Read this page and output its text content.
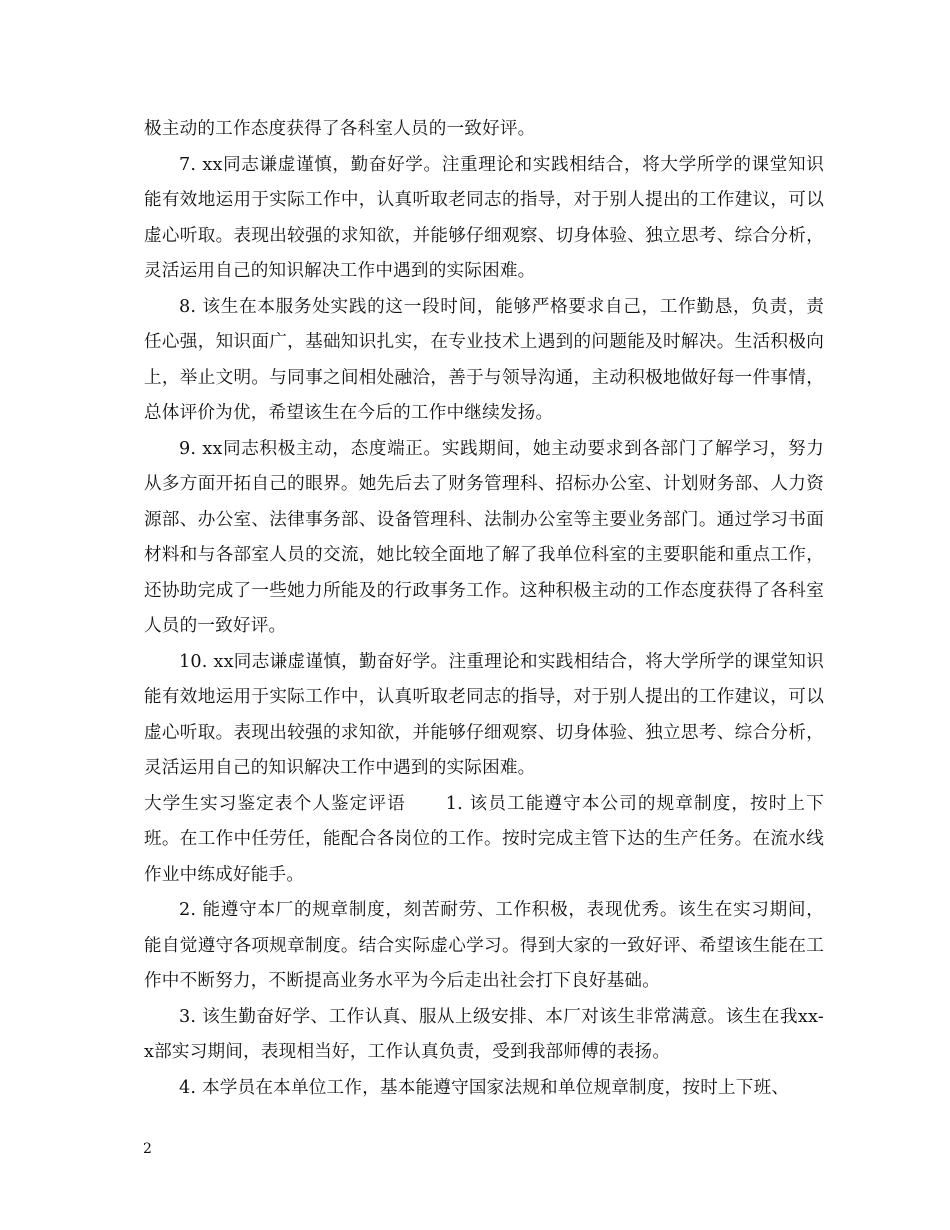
极主动的工作态度获得了各科室人员的一致好评。

7. xx同志谦虚谨慎，勤奋好学。注重理论和实践相结合，将大学所学的课堂知识能有效地运用于实际工作中，认真听取老同志的指导，对于别人提出的工作建议，可以虚心听取。表现出较强的求知欲，并能够仔细观察、切身体验、独立思考、综合分析，灵活运用自己的知识解决工作中遇到的实际困难。

8. 该生在本服务处实践的这一段时间，能够严格要求自己，工作勤恳，负责，责任心强，知识面广，基础知识扎实，在专业技术上遇到的问题能及时解决。生活积极向上，举止文明。与同事之间相处融洽，善于与领导沟通，主动积极地做好每一件事情，总体评价为优，希望该生在今后的工作中继续发扬。

9. xx同志积极主动，态度端正。实践期间，她主动要求到各部门了解学习，努力从多方面开拓自己的眼界。她先后去了财务管理科、招标办公室、计划财务部、人力资源部、办公室、法律事务部、设备管理科、法制办公室等主要业务部门。通过学习书面材料和与各部室人员的交流，她比较全面地了解了我单位科室的主要职能和重点工作，还协助完成了一些她力所能及的行政事务工作。这种积极主动的工作态度获得了各科室人员的一致好评。

10. xx同志谦虚谨慎，勤奋好学。注重理论和实践相结合，将大学所学的课堂知识能有效地运用于实际工作中，认真听取老同志的指导，对于别人提出的工作建议，可以虚心听取。表现出较强的求知欲，并能够仔细观察、切身体验、独立思考、综合分析，灵活运用自己的知识解决工作中遇到的实际困难。

大学生实习鉴定表个人鉴定评语 1. 该员工能遵守本公司的规章制度，按时上下班。在工作中任劳任，能配合各岗位的工作。按时完成主管下达的生产任务。在流水线作业中练成好能手。

2. 能遵守本厂的规章制度，刻苦耐劳、工作积极，表现优秀。该生在实习期间，能自觉遵守各项规章制度。结合实际虚心学习。得到大家的一致好评、希望该生能在工作中不断努力，不断提高业务水平为今后走出社会打下良好基础。

3. 该生勤奋好学、工作认真、服从上级安排、本厂对该生非常满意。该生在我xx-x部实习期间，表现相当好，工作认真负责，受到我部师傅的表扬。

4. 本学员在本单位工作，基本能遵守国家法规和单位规章制度，按时上下班、

2
